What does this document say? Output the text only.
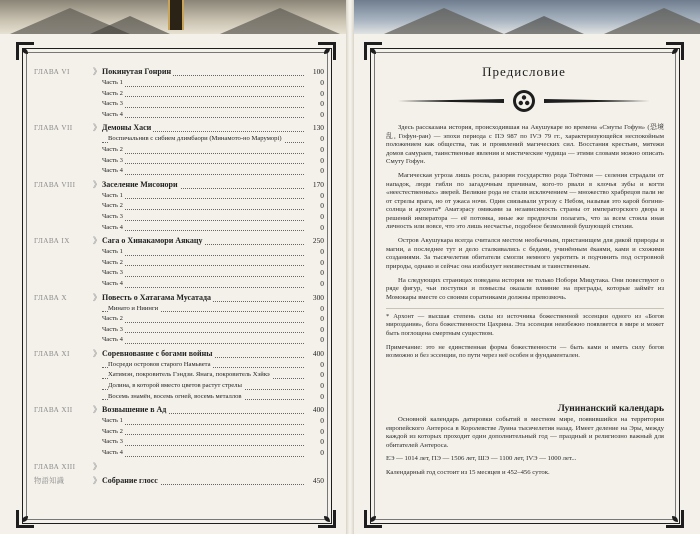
ГЛАВА VI	》 Покинутая Гонрин	100
Часть 1	0
Часть 2	0
Часть 3	0
Часть 4	0
ГЛАВА VII	》 Демоны Хаси	130
Воспичальнив с сибием длимбаори (Минамото-но Маруморі)	0
Часть 2	0
Часть 3	0
Часть 4	0
ГЛАВА VIII	》 Заселение Мисонори	170
Часть 1	0
Часть 2	0
Часть 3	0
Часть 4	0
ГЛАВА IX	》 Сага о Хинакамори Аякацу	250
Часть 1	0
Часть 2	0
Часть 3	0
Часть 4	0
ГЛАВА X	》 Повесть о Хатагама Мусатада	300
Минато и Ниинги	0
Часть 2	0
Часть 3	0
Часть 4	0
ГЛАВА XI	》 Соревнование с богами войны	400
Посреди островов старого Намьвета	0
Хатимэн, покровитель Гэндзи. Янага, покровитель Хэйкэ	0
Долина, в которой вместо цветов растут стрелы	0
Восемь знамён, восемь огней, восемь металлов	0
ГЛАВА XII	》 Возвышение в Ад	400
Часть 1	0
Часть 2	0
Часть 3	0
Часть 4	0
ГЛАВА XIII	》
物語知識	》 Собрание глосс	450
Предисловие

Здесь рассказана история, происходившая на Акушукаре во времена «Смуты Гофун» (恐境乱, Гофун-ран) — эпохи периода с ПЭ 987 по IVЭ 79 гг., характеризующейся неспокойным положением как общества, так и проявлений магических сил. Восстания крестьян, мятежи домов самураев, таинственные явления и мистические чудища — этими словами можно описать Смуту Гофун.

Магическая угроза лишь росла, разоряя государство рода Тоётоми — селения страдали от нападок, люди гибли по загадочным причинам, кого-то рвали в клочья зубы и когти «неестественных» зверей. Великие рода не стали исключением — множество храбрецов пали не от стрелы врага, но от ужаса ночи. Один связывали угрозу с Небом, называя это карой богини-солнца и архонта* Аматэрасу омиками за независимость страны от императорского двора и решений императора — её потомка, иные же предпочли полагать, что за всем стояла иная личность или вовсе, что это лишь несчастье, подобное безмолвной бушующей стихии.

Остров Акушукара всегда считался местом необычным, пристанищем для дикой природы и магии, а последнее тут и дело сталкивались с бедами, учинённым ёкаями, ками и схожими созданиями. За тысячелетия обитатели смогли немного укротить и подчинить под островной природы, однако и сейчас она изобилует неизвестным и таинственным.

На следующих страницах поведана история не только Нобори Мицутака. Они повествуют о ряде фигур, чьи поступки и помыслы оказали влияние на преграды, которые займёт из Момокары вместе со своими соратниками должны превозмочь.

* Архонт — высшая степень силы из источника божественной эссенции одного из «Богов мироздания», бога божественности Цахрина. Эта эссенция неизбежно появляется в мире и может быть поглощена смертным существом.

Примечание: это не единственная форма божественности — быть ками и иметь силу богов возможно и без эссенции, по пути через неё особен и фундаментален.

Лунинанский календарь

Основной календарь датировки событий в местном мире, появившийся на территории европейского Антероса в Королевстве Луина тысячелетия назад. Имеет деление на Эры, между каждой из которых проходит один дополнительный год — праздный и религиозно важный для обитателей Антероса.

ЕЭ — 1014 лет, ПЭ — 1506 лет, ШЭ — 1100 лет, IVЭ — 1000 лет...

Календарный год состоит из 15 месяцев и 452–456 суток.
